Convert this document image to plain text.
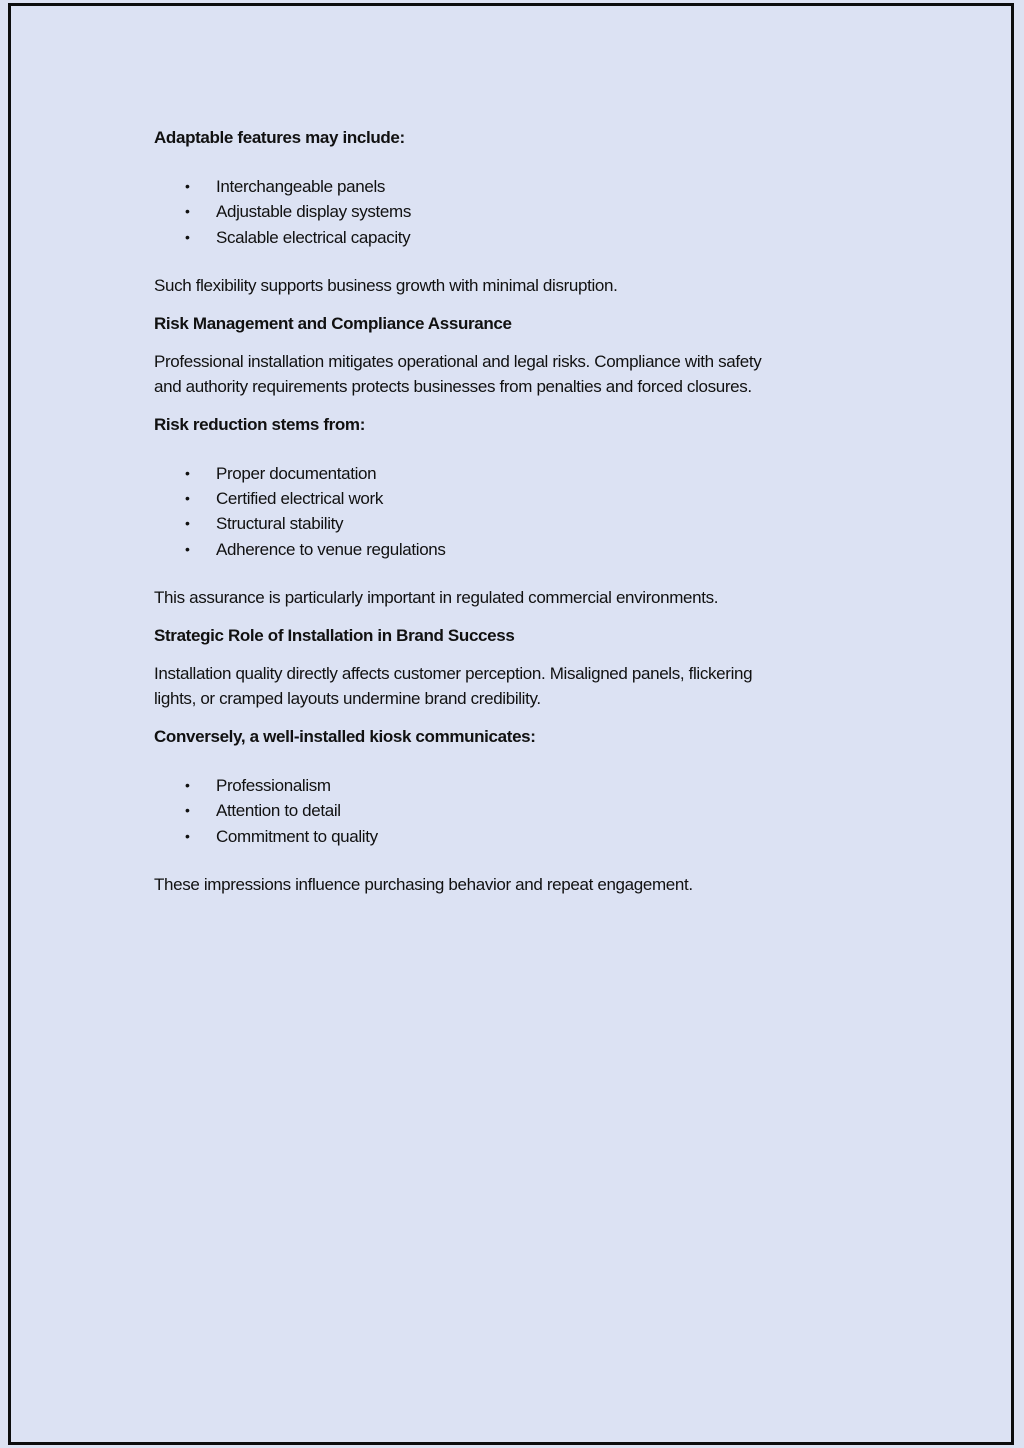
Adaptable features may include:
• Interchangeable panels
• Adjustable display systems
• Scalable electrical capacity

Such flexibility supports business growth with minimal disruption.

Risk Management and Compliance Assurance

Professional installation mitigates operational and legal risks. Compliance with safety
and authority requirements protects businesses from penalties and forced closures.

Risk reduction stems from:
• Proper documentation
• Certified electrical work
• Structural stability
• Adherence to venue regulations

This assurance is particularly important in regulated commercial environments.

Strategic Role of Installation in Brand Success

Installation quality directly affects customer perception. Misaligned panels, flickering
lights, or cramped layouts undermine brand credibility.

Conversely, a well-installed kiosk communicates:
• Professionalism
• Attention to detail
• Commitment to quality

These impressions influence purchasing behavior and repeat engagement.
